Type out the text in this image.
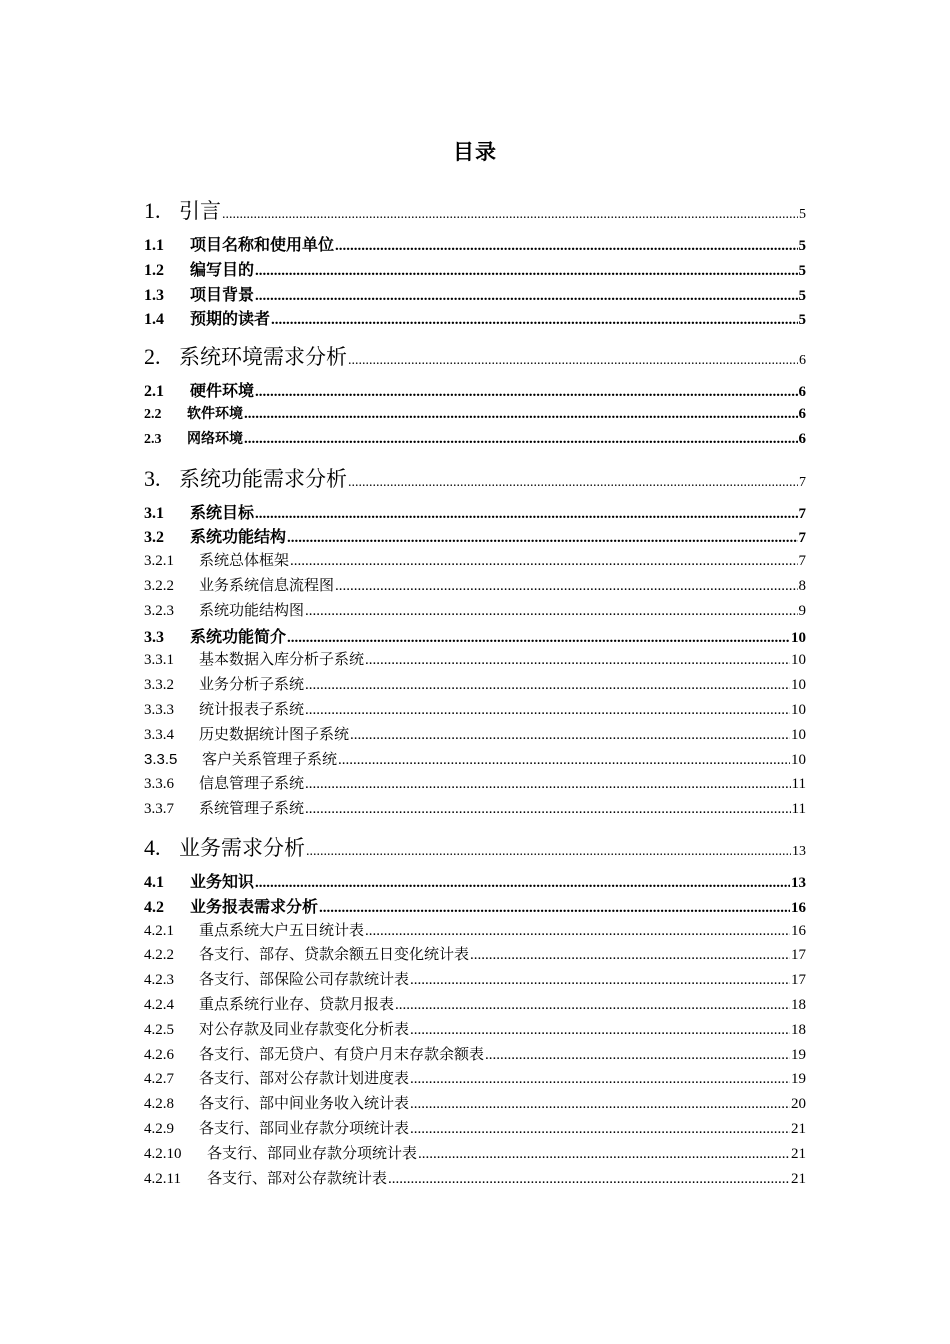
目录
1. 引言 .....	5
1.1	项目名称和使用单位 .....	5
1.2	编写目的 .....	5
1.3	项目背景 .....	5
1.4	预期的读者 .....	5
2. 系统环境需求分析 .....	6
2.1	硬件环境 .....	6
2.2	软件环境 .....	6
2.3	网络环境 .....	6
3. 系统功能需求分析 .....	7
3.1	系统目标 .....	7
3.2	系统功能结构 .....	7
3.2.1	系统总体框架 .....	7
3.2.2	业务系统信息流程图 .....	8
3.2.3	系统功能结构图 .....	9
3.3	系统功能简介 .....	10
3.3.1	基本数据入库分析子系统 .....	10
3.3.2	业务分析子系统 .....	10
3.3.3	统计报表子系统 .....	10
3.3.4	历史数据统计图子系统 .....	10
3.3.5	客户关系管理子系统 .....	10
3.3.6	信息管理子系统 .....	11
3.3.7	系统管理子系统 .....	11
4. 业务需求分析 .....	13
4.1	业务知识 .....	13
4.2	业务报表需求分析 .....	16
4.2.1	重点系统大户五日统计表 .....	16
4.2.2	各支行、部存、贷款余额五日变化统计表 .....	17
4.2.3	各支行、部保险公司存款统计表 .....	17
4.2.4	重点系统行业存、贷款月报表 .....	18
4.2.5	对公存款及同业存款变化分析表 .....	18
4.2.6	各支行、部无贷户、有贷户月末存款余额表 .....	19
4.2.7	各支行、部对公存款计划进度表 .....	19
4.2.8	各支行、部中间业务收入统计表 .....	20
4.2.9	各支行、部同业存款分项统计表 .....	21
4.2.10	各支行、部同业存款分项统计表 .....	21
4.2.11	各支行、部对公存款统计表 .....	21
